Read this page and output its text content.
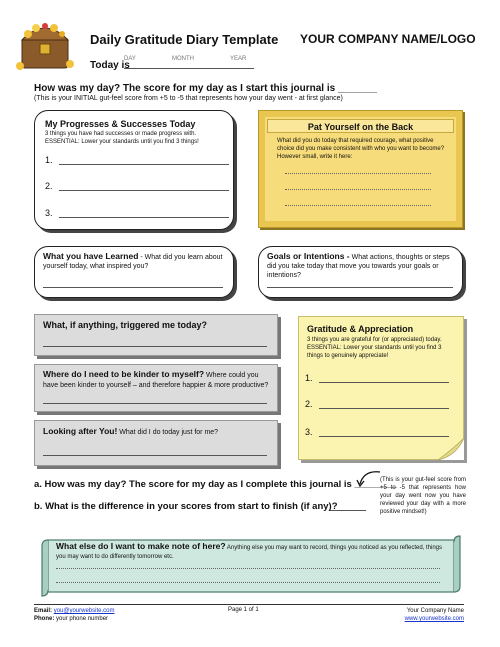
Daily Gratitude Diary Template YOUR COMPANY NAME/LOGO
Today is
DAY	MONTH	YEAR
How was my day? The score for my day as I start this journal is _______
(This is your INITIAL gut-feel score from +5 to -5 that represents how your day went - at first glance)
My Progresses & Successes Today
3 things you have had successes or made progress with. ESSENTIAL: Lower your standards until you find 3 things!
1.
2.
3.
Pat Yourself on the Back
What did you do today that required courage, what positive choice did you make consistent with who you want to become? However small, write it here:
What you have Learned - What did you learn about yourself today, what inspired you?
Goals or Intentions - What actions, thoughts or steps did you take today that move you towards your goals or intentions?
What, if anything, triggered me today?
Where do I need to be kinder to myself? Where could you have been kinder to yourself – and therefore happier & more productive?
Looking after You! What did I do today just for me?
Gratitude & Appreciation
3 things you are grateful for (or appreciated) today. ESSENTIAL: Lower your standards until you find 3 things to genuinely appreciate!
1.
2.
3.
a. How was my day? The score for my day as I complete this journal is ________
b. What is the difference in your scores from start to finish (if any)?
(This is your gut-feel score from +5 to -5 that represents how your day went now you have reviewed your day with a more positive mindset!)
What else do I want to make note of here? Anything else you may want to record, things you noticed as you reflected, things you may want to do differently tomorrow etc.
Email: you@yourwebsite.com
Phone: your phone number
Page 1 of 1	Your Company Name
www.yourwebsite.com
